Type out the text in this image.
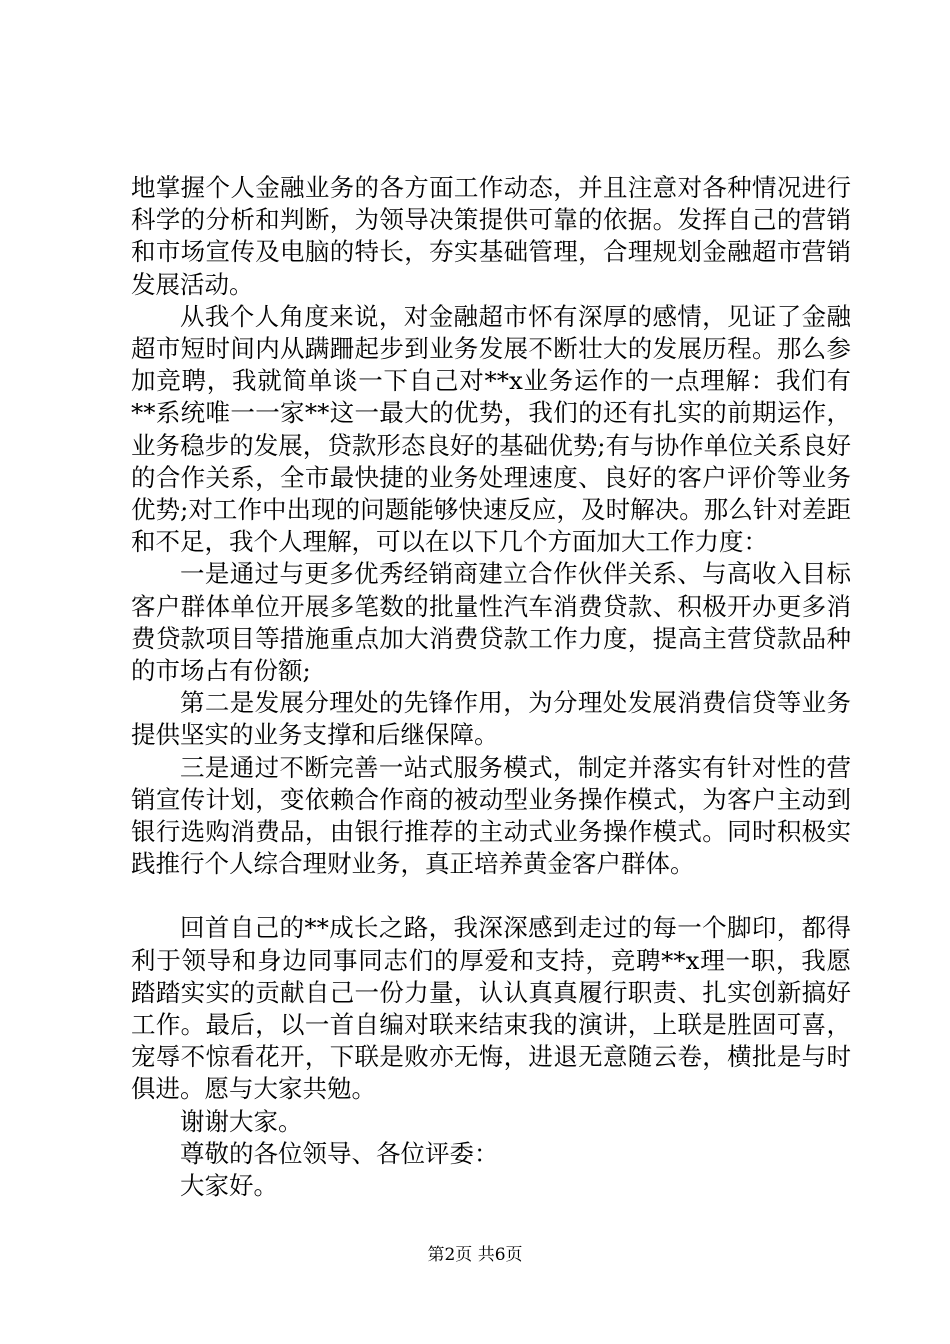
地掌握个人金融业务的各方面工作动态，并且注意对各种情况进行科学的分析和判断，为领导决策提供可靠的依据。发挥自己的营销和市场宣传及电脑的特长，夯实基础管理，合理规划金融超市营销发展活动。

从我个人角度来说，对金融超市怀有深厚的感情，见证了金融超市短时间内从蹒跚起步到业务发展不断壮大的发展历程。那么参加竞聘，我就简单谈一下自己对**x业务运作的一点理解：我们有**系统唯一一家**这一最大的优势，我们的还有扎实的前期运作，业务稳步的发展，贷款形态良好的基础优势;有与协作单位关系良好的合作关系，全市最快捷的业务处理速度、良好的客户评价等业务优势;对工作中出现的问题能够快速反应，及时解决。那么针对差距和不足，我个人理解，可以在以下几个方面加大工作力度：

一是通过与更多优秀经销商建立合作伙伴关系、与高收入目标客户群体单位开展多笔数的批量性汽车消费贷款、积极开办更多消费贷款项目等措施重点加大消费贷款工作力度，提高主营贷款品种的市场占有份额;

第二是发展分理处的先锋作用，为分理处发展消费信贷等业务提供坚实的业务支撑和后继保障。

三是通过不断完善一站式服务模式，制定并落实有针对性的营销宣传计划，变依赖合作商的被动型业务操作模式，为客户主动到银行选购消费品，由银行推荐的主动式业务操作模式。同时积极实践推行个人综合理财业务，真正培养黄金客户群体。

回首自己的**成长之路，我深深感到走过的每一个脚印，都得利于领导和身边同事同志们的厚爱和支持，竞聘**x理一职，我愿踏踏实实的贡献自己一份力量，认认真真履行职责、扎实创新搞好工作。最后，以一首自编对联来结束我的演讲，上联是胜固可喜，宠辱不惊看花开，下联是败亦无悔，进退无意随云卷，横批是与时俱进。愿与大家共勉。

谢谢大家。

尊敬的各位领导、各位评委：

大家好。

第2页 共6页
